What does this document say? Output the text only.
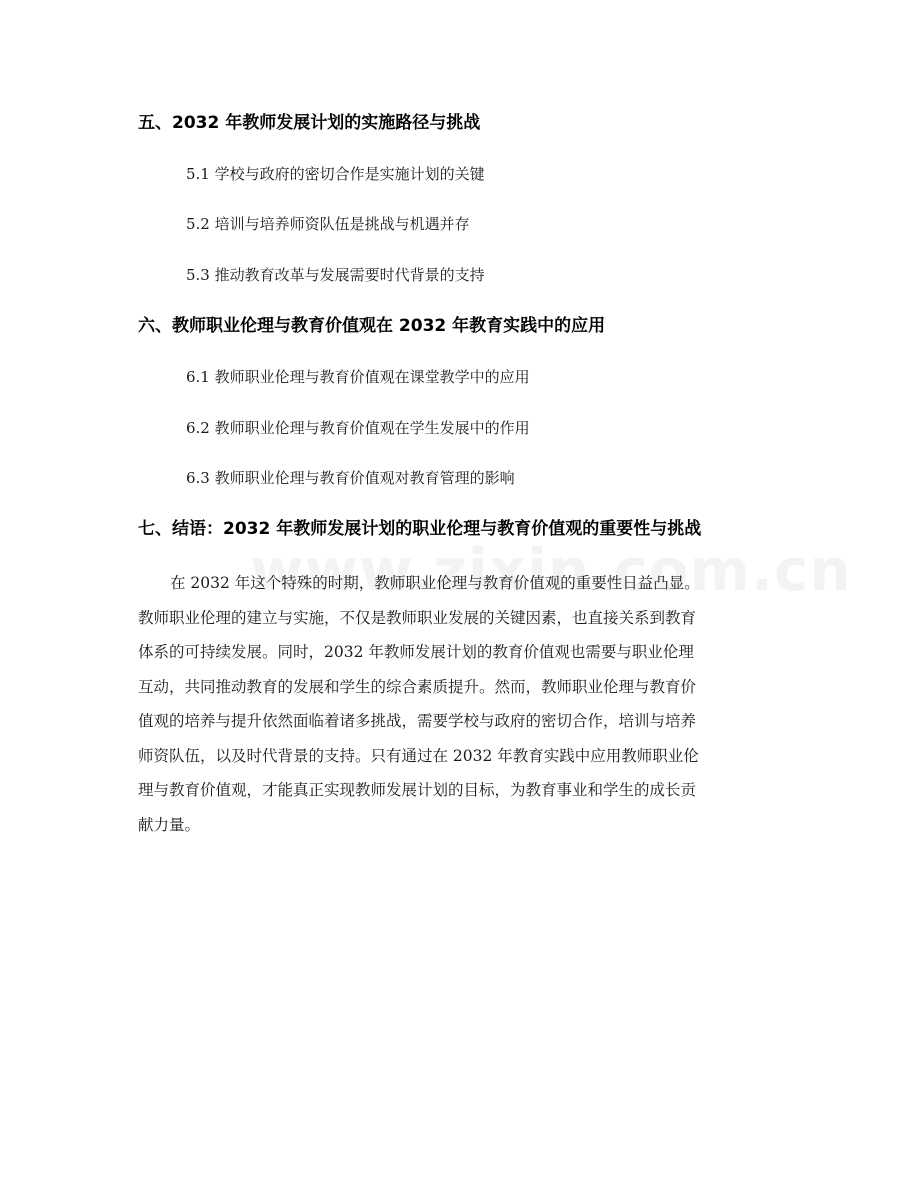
五、2032 年教师发展计划的实施路径与挑战
5.1 学校与政府的密切合作是实施计划的关键
5.2 培训与培养师资队伍是挑战与机遇并存
5.3 推动教育改革与发展需要时代背景的支持
六、教师职业伦理与教育价值观在 2032 年教育实践中的应用
6.1 教师职业伦理与教育价值观在课堂教学中的应用
6.2 教师职业伦理与教育价值观在学生发展中的作用
6.3 教师职业伦理与教育价值观对教育管理的影响
七、结语：2032 年教师发展计划的职业伦理与教育价值观的重要性与挑战
在 2032 年这个特殊的时期，教师职业伦理与教育价值观的重要性日益凸显。
教师职业伦理的建立与实施，不仅是教师职业发展的关键因素，也直接关系到教育
体系的可持续发展。同时，2032 年教师发展计划的教育价值观也需要与职业伦理
互动，共同推动教育的发展和学生的综合素质提升。然而，教师职业伦理与教育价
值观的培养与提升依然面临着诸多挑战，需要学校与政府的密切合作，培训与培养
师资队伍，以及时代背景的支持。只有通过在 2032 年教育实践中应用教师职业伦
理与教育价值观，才能真正实现教师发展计划的目标，为教育事业和学生的成长贡
献力量。
